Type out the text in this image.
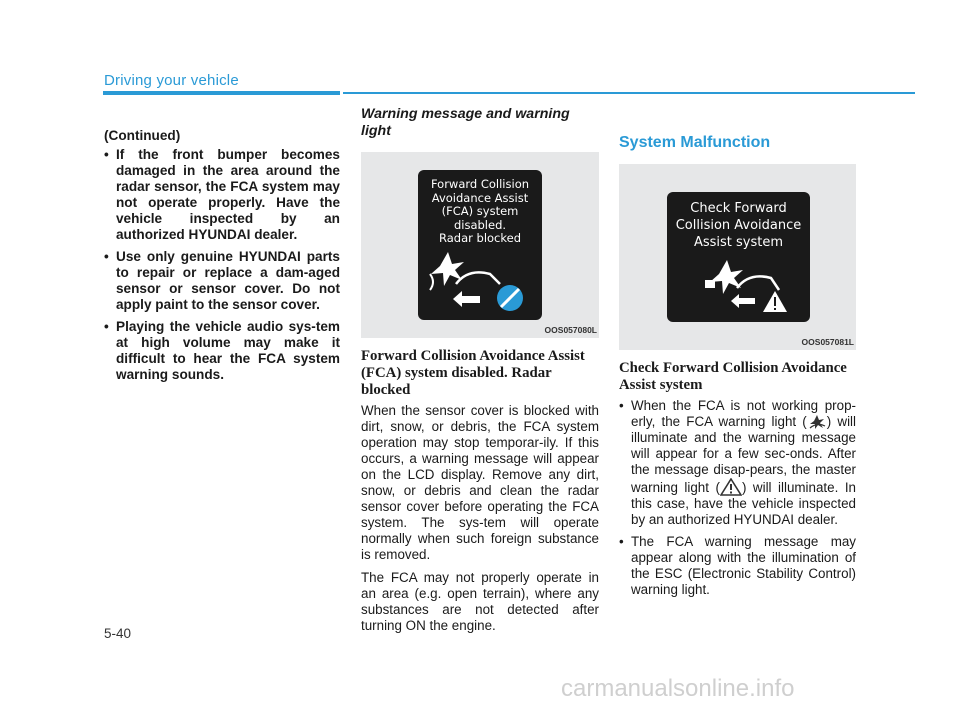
Driving your vehicle
(Continued)
• If the front bumper becomes damaged in the area around the radar sensor, the FCA system may not operate properly. Have the vehicle inspected by an authorized HYUNDAI dealer.
• Use only genuine HYUNDAI parts to repair or replace a dam-aged sensor or sensor cover. Do not apply paint to the sensor cover.
• Playing the vehicle audio sys-tem at high volume may make it difficult to hear the FCA system warning sounds.
Warning message and warning light
Forward Collision
Avoidance Assist
(FCA) system
disabled.
Radar blocked
OOS057080L
Forward Collision Avoidance Assist (FCA) system disabled. Radar blocked
When the sensor cover is blocked with dirt, snow, or debris, the FCA system operation may stop temporar-ily. If this occurs, a warning message will appear on the LCD display. Remove any dirt, snow, or debris and clean the radar sensor cover before operating the FCA system. The sys-tem will operate normally when such foreign substance is removed.
The FCA may not properly operate in an area (e.g. open terrain), where any substances are not detected after turning ON the engine.
System Malfunction
Check Forward
Collision Avoidance
Assist system
OOS057081L
Check Forward Collision Avoidance Assist system
• When the FCA is not working prop-erly, the FCA warning light ( ) will illuminate and the warning message will appear for a few sec-onds. After the message disap-pears, the master warning light ( ) will illuminate. In this case, have the vehicle inspected by an authorized HYUNDAI dealer.
• The FCA warning message may appear along with the illumination of the ESC (Electronic Stability Control) warning light.
5-40
carmanualsonline.info
